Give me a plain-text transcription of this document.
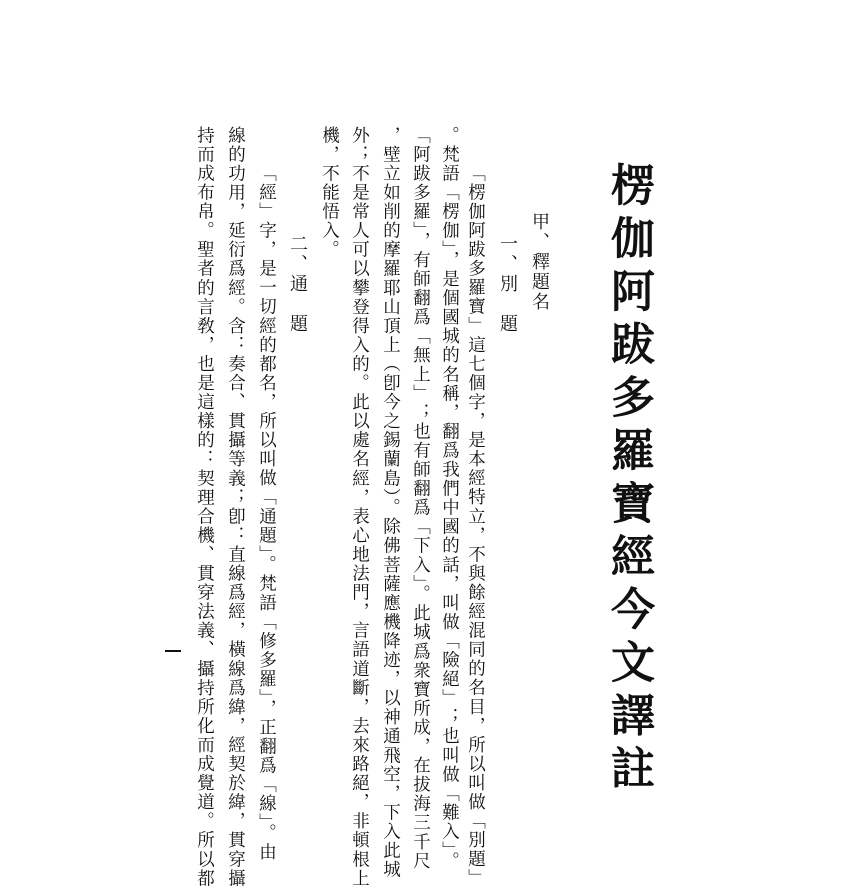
楞伽阿跋多羅寶經今文譯註
甲、釋題名
一、別　題
「楞伽阿跋多羅寶」這七個字，是本經特立，不與餘經混同的名目，所以叫做「別題」
。梵語「楞伽」，是個國城的名稱，翻爲我們中國的話，叫做「險絕」；也叫做「難入」。
「阿跋多羅」，有師翻爲「無上」；也有師翻爲「下入」。此城爲衆寶所成，在拔海三千尺
，壁立如削的摩羅耶山頂上（卽今之錫蘭島）。除佛菩薩應機降迹，以神通飛空，下入此城
外；不是常人可以攀登得入的。此以處名經，表心地法門，言語道斷，去來路絕，非頓根上
機，不能悟入。
二、通　題
「經」字，是一切經的都名，所以叫做「通題」。梵語「修多羅」，正翻爲「線」。由
線的功用，延衍爲經。含：奏合、貫攝等義；卽：直線爲經，橫線爲緯，經契於緯，貫穿攝
持而成布帛。聖者的言敎，也是這樣的：契理合機、貫穿法義、攝持所化而成覺道。所以都
